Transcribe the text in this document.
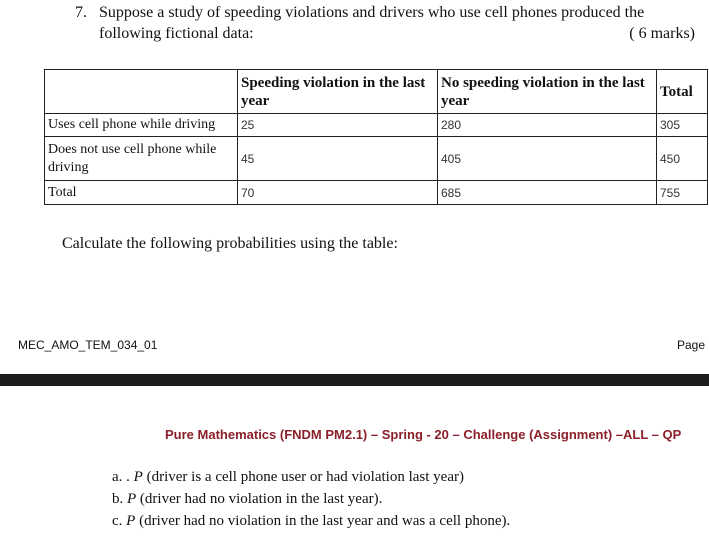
7. Suppose a study of speeding violations and drivers who use cell phones produced the
following fictional data:	( 6 marks)
	Speeding violation in the last year	No speeding violation in the last year	Total
Uses cell phone while driving	25	280	305
Does not use cell phone while driving	45	405	450
Total	70	685	755
Calculate the following probabilities using the table:
MEC_AMO_TEM_034_01	Page
Pure Mathematics (FNDM PM2.1) – Spring - 20 – Challenge (Assignment) –ALL – QP
a. . P (driver is a cell phone user or had violation last year)
b. P (driver had no violation in the last year).
c. P (driver had no violation in the last year and was a cell phone).
